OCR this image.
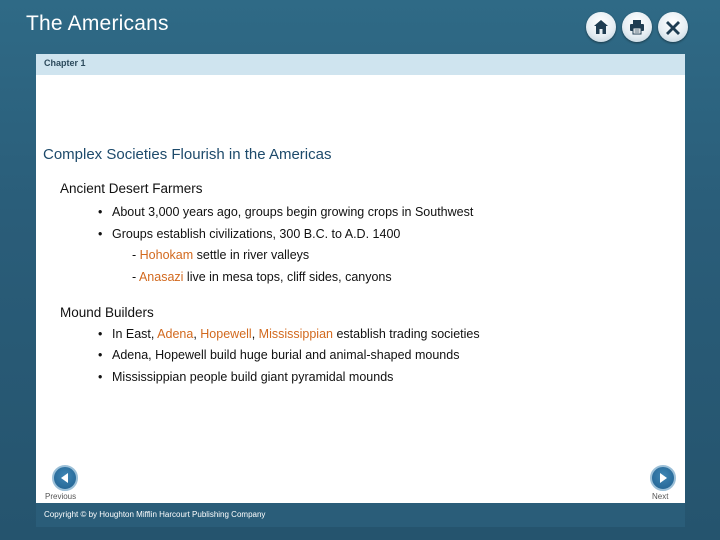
The Americans
Chapter 1
Complex Societies Flourish in the Americas
Ancient Desert Farmers
• About 3,000 years ago, groups begin growing crops in Southwest
• Groups establish civilizations, 300 B.C. to A.D. 1400
- Hohokam settle in river valleys
- Anasazi live in mesa tops, cliff sides, canyons
Mound Builders
• In East, Adena, Hopewell, Mississippian establish trading societies
• Adena, Hopewell build huge burial and animal-shaped mounds
• Mississippian people build giant pyramidal mounds
Previous	Next
Copyright © by Houghton Mifflin Harcourt Publishing Company
